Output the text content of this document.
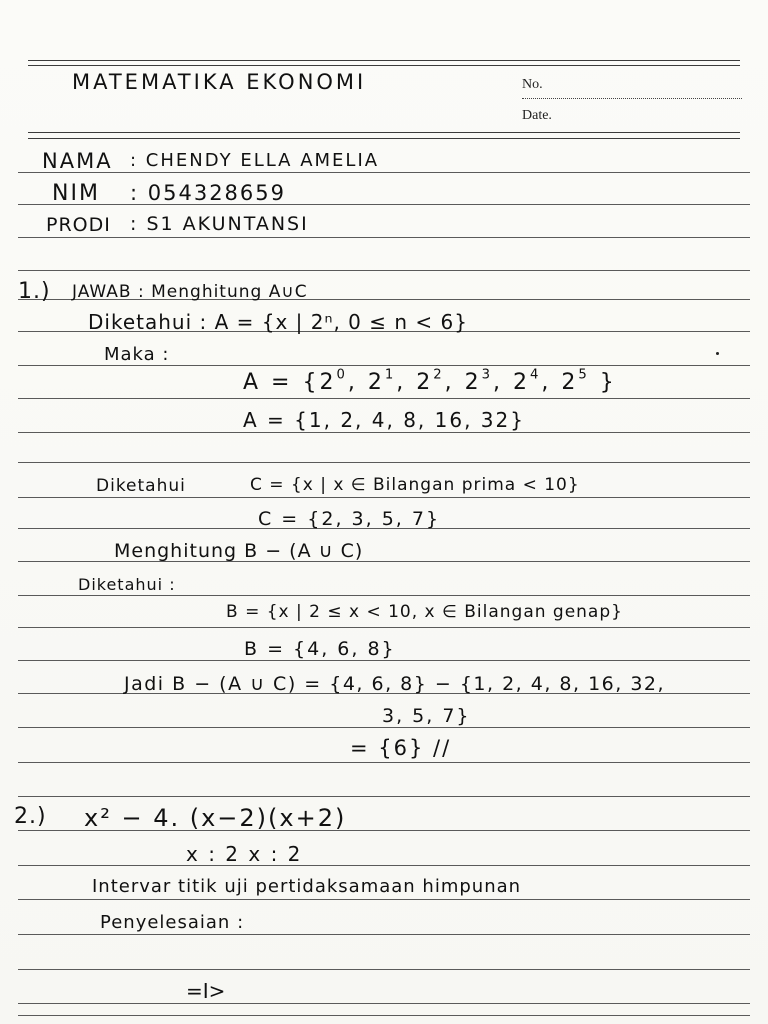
MATEMATIKA EKONOMI	No.
Date.
NAMA : CHENDY ELLA AMELIA
NIM : 054328659
PRODI : S1 AKUNTANSI
1.) JAWAB : Menghitung A∪C
Diketahui : A = {x | 2ⁿ, 0 ≤ n < 6}
Maka :
$A = \{2^0$, $2^1$, $2^2$, $2^3$, $2^4$, $2^5$ }
A = {1, 2, 4, 8, 16, 32}
Diketahui	C = {x | x ∈ Bilangan prima < 10}
C = {2, 3, 5, 7}
Menghitung B − (A ∪ C)
Diketahui :
B = {x | 2 ≤ x < 10, x ∈ Bilangan genap}
B = {4, 6, 8}
Jadi B − (A ∪ C) = {4, 6, 8} − {1, 2, 4, 8, 16, 32,
3, 5, 7}
= {6} //
2.) x² − 4. (x−2)(x+2)
x : 2 x : 2
Intervar titik uji pertidaksamaan himpunan
Penyelesaian :
=I>
